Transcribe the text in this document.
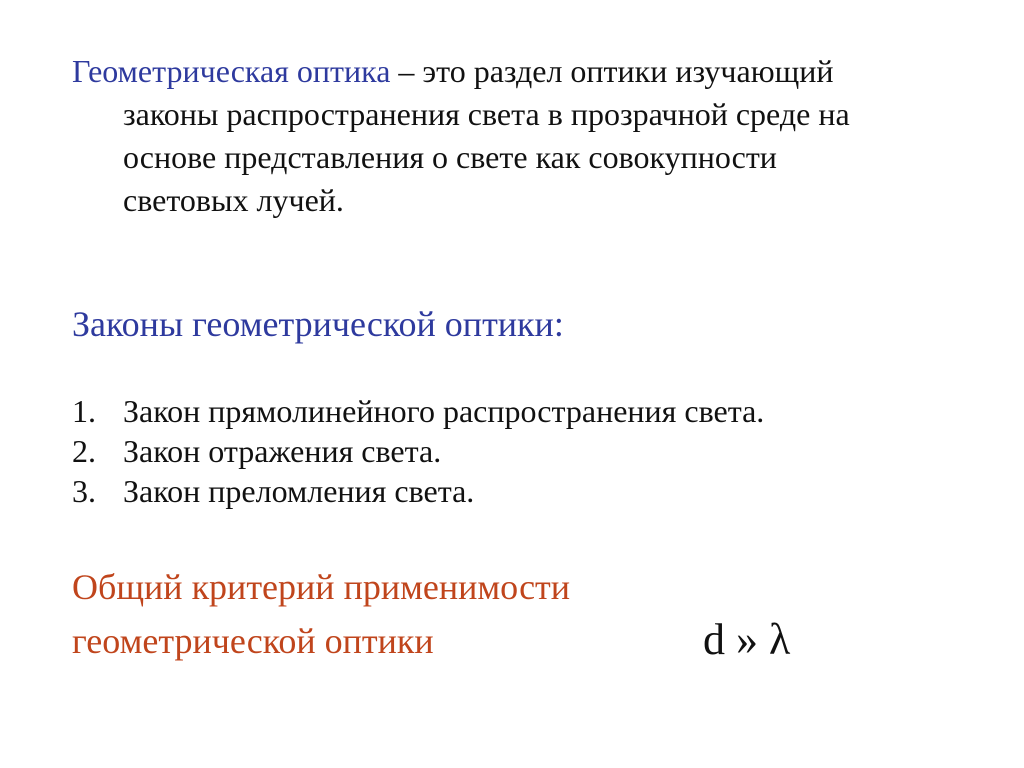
Геометрическая оптика – это раздел оптики изучающий
законы распространения света в прозрачной среде на
основе представления о свете как совокупности
световых лучей.
Законы геометрической оптики:
1. Закон прямолинейного распространения света.
2. Закон отражения света.
3. Закон преломления света.
Общий критерий применимости
геометрической оптики	d » λ
